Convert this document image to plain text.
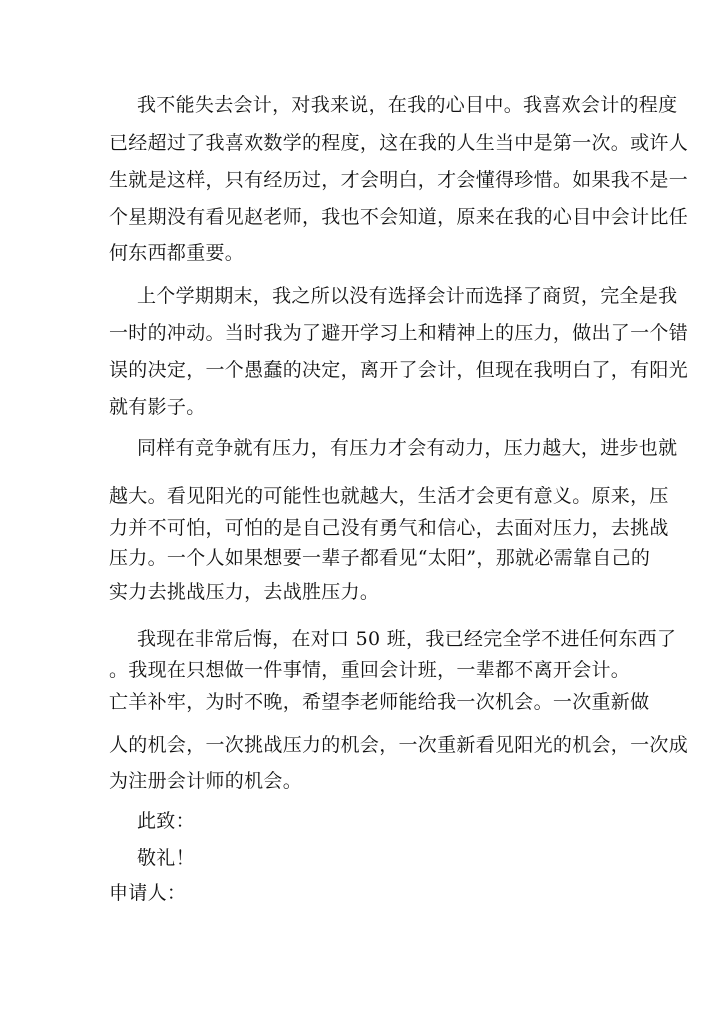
我不能失去会计，对我来说，在我的心目中。我喜欢会计的程度
已经超过了我喜欢数学的程度，这在我的人生当中是第一次。或许人
生就是这样，只有经历过，才会明白，才会懂得珍惜。如果我不是一
个星期没有看见赵老师，我也不会知道，原来在我的心目中会计比任
何东西都重要。
上个学期期末，我之所以没有选择会计而选择了商贸，完全是我
一时的冲动。当时我为了避开学习上和精神上的压力，做出了一个错
误的决定，一个愚蠢的决定，离开了会计，但现在我明白了，有阳光
就有影子。
同样有竞争就有压力，有压力才会有动力，压力越大，进步也就
越大。看见阳光的可能性也就越大，生活才会更有意义。原来，压
力并不可怕，可怕的是自己没有勇气和信心，去面对压力，去挑战
压力。一个人如果想要一辈子都看见“太阳”，那就必需靠自己的
实力去挑战压力，去战胜压力。
我现在非常后悔，在对口 50 班，我已经完全学不进任何东西了
。我现在只想做一件事情，重回会计班，一辈都不离开会计。
亡羊补牢，为时不晚，希望李老师能给我一次机会。一次重新做
人的机会，一次挑战压力的机会，一次重新看见阳光的机会，一次成
为注册会计师的机会。
此致：
敬礼！
申请人：
